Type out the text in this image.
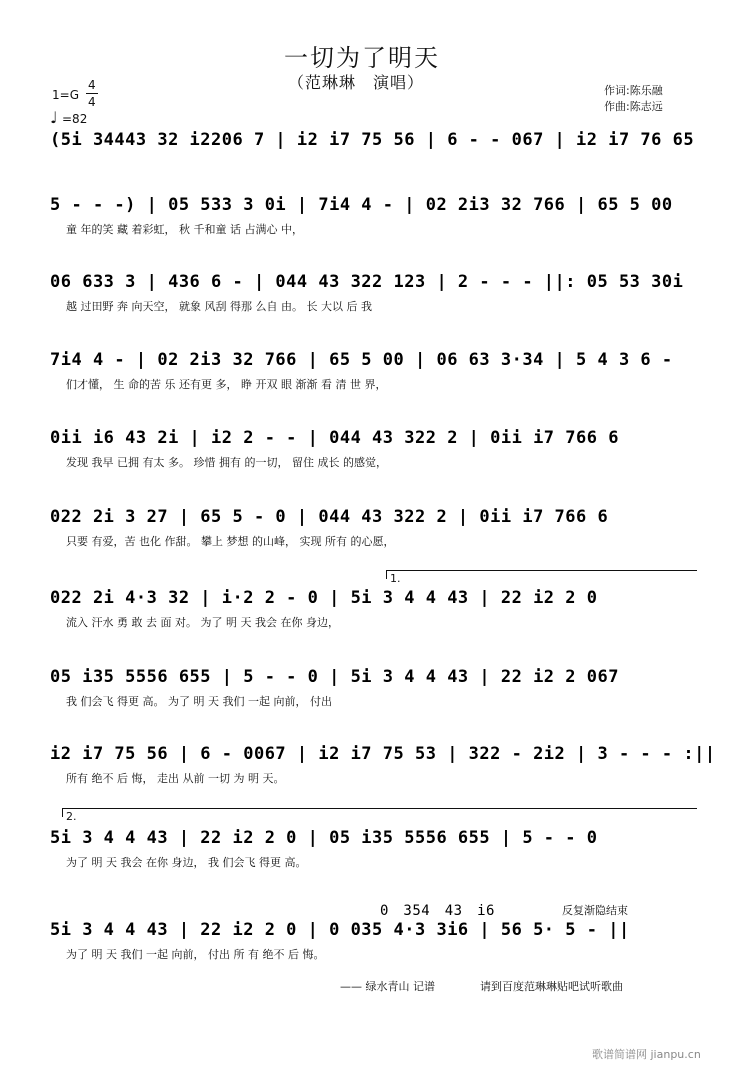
一切为了明天
（范琳琳　演唱）
1=G
4
4
♩ =82
作词:陈乐融
作曲:陈志远
(5i 34443 32 i2206 7 | i2 i7 75 56 | 6 - - 067 | i2 i7 76 65
5 - - -) | 05 533 3 0i | 7i4 4 - | 02 2i3 32 766 | 65 5 00
童 年的笑 藏 着彩虹， 秋 千和童 话 占满心 中，
06 633 3 | 436 6 - | 044 43 322 123 | 2 - - - ||: 05 53 30i
越 过田野 奔 向天空， 就象 风刮 得那 么自 由。 长 大以 后 我
7i4 4 - | 02 2i3 32 766 | 65 5 00 | 06 63 3·34 | 5 4 3 6 -
们才懂， 生 命的苦 乐 还有更 多， 睁 开双 眼 渐渐 看 清 世 界，
0ii i6 43 2i | i2 2 - - | 044 43 322 2 | 0ii i7 766 6
发现 我早 已拥 有太 多。 珍惜 拥有 的一切， 留住 成长 的感觉，
022 2i 3 27 | 65 5 - 0 | 044 43 322 2 | 0ii i7 766 6
只要 有爱，苦 也化 作甜。 攀上 梦想 的山峰， 实现 所有 的心愿，
022 2i 4·3 32 | i·2 2 - 0 | 5i 3 4 4 43 | 22 i2 2 0
流入 汗水 勇 敢 去 面 对。 为了 明 天 我会 在你 身边，
05 i35 5556 655 | 5 - - 0 | 5i 3 4 4 43 | 22 i2 2 067
我 们会飞 得更 高。 为了 明 天 我们 一起 向前， 付出
i2 i7 75 56 | 6 - 0067 | i2 i7 75 53 | 322 - 2i2 | 3 - - - :||
所有 绝不 后 悔， 走出 从前 一切 为 明 天。
5i 3 4 4 43 | 22 i2 2 0 | 05 i35 5556 655 | 5 - - 0
为了 明 天 我会 在你 身边， 我 们会飞 得更 高。
5i 3 4 4 43 | 22 i2 2 0 | 0 035 4·3 3i6 | 56 5· 5 - ||
为了 明 天 我们 一起 向前， 付出 所 有 绝不 后 悔。
1.
2.
0　354　43　i6	反复渐隐结束
—— 绿水青山 记谱	请到百度范琳琳贴吧试听歌曲
歌谱简谱网 jianpu.cn
